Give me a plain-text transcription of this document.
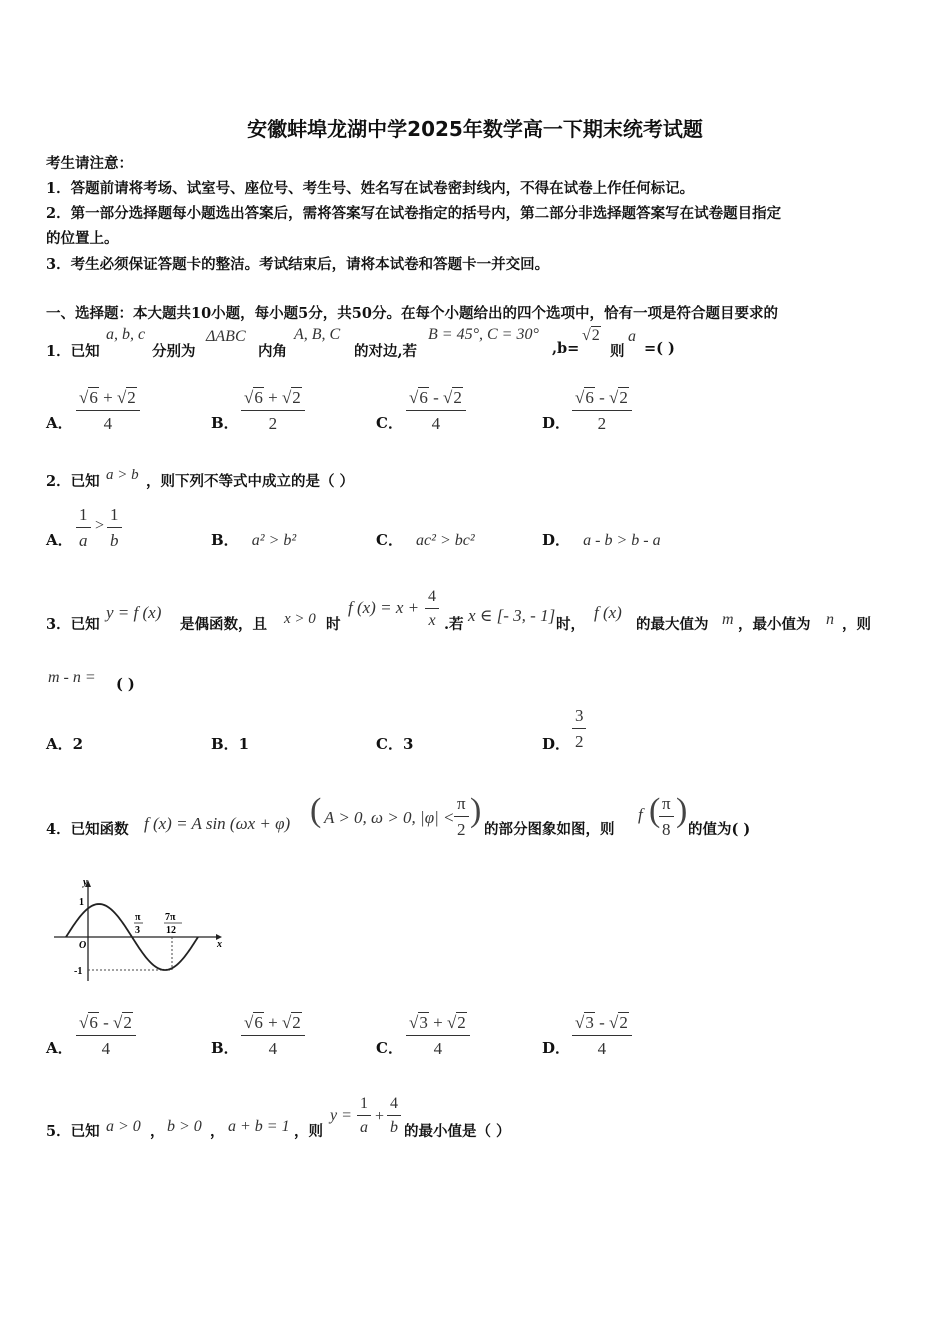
安徽蚌埠龙湖中学2025年数学高一下期末统考试题
考生请注意：
1．答题前请将考场、试室号、座位号、考生号、姓名写在试卷密封线内，不得在试卷上作任何标记。
2．第一部分选择题每小题选出答案后，需将答案写在试卷指定的括号内，第二部分非选择题答案写在试卷题目指定
的位置上。
3．考生必须保证答题卡的整洁。考试结束后，请将本试卷和答题卡一并交回。
一、选择题：本大题共10小题，每小题5分，共50分。在每个小题给出的四个选项中，恰有一项是符合题目要求的
1．已知
a, b, c
分别为
ΔABC
内角
A, B, C
的对边,若
B = 45°, C = 30°
,b=
√2
则
a
=( )
A． $\frac{√6 + √2}{4}$	B． $\frac{√6 + √2}{2}$	C． $\frac{√6 - √2}{4}$	D． $\frac{√6 - √2}{2}$
2．已知 a > b ，则下列不等式中成立的是（ ）
A． $\frac{1}{a} > \frac{1}{b}$	B． a² > b²	C． ac² > bc²	D． a - b > b - a
3．已知
y = f (x)
是偶函数，且 x > 0 时
f $(x) = x + \frac{4}{x}$ .若 x ∈ [- 3, - 1] 时，
f (x)
的最大值为 m ，最小值为 n ，则
m - n = ( )
A．2	B．1	C．3	D．
3
2
4．已知函数 f (x) = A sin (ωx + φ) ( A > 0, ω > 0, $|\varphi| < \frac{\pi}{2}$ )
的部分图象如图，则
f (
$\frac{\pi}{8}$ )
的值为( )
y
x
O
1
-1
π
3
7π
12
A． $\frac{√6 - √2}{4}$	B． $\frac{√6 + √2}{4}$	C． $\frac{√3 + √2}{4}$	D． $\frac{√3 - √2}{4}$
5．已知 a > 0 ， b > 0 ， a + b = 1 ，则
$y = \frac{1}{a} + \frac{4}{b}$ 的最小值是（ ）
